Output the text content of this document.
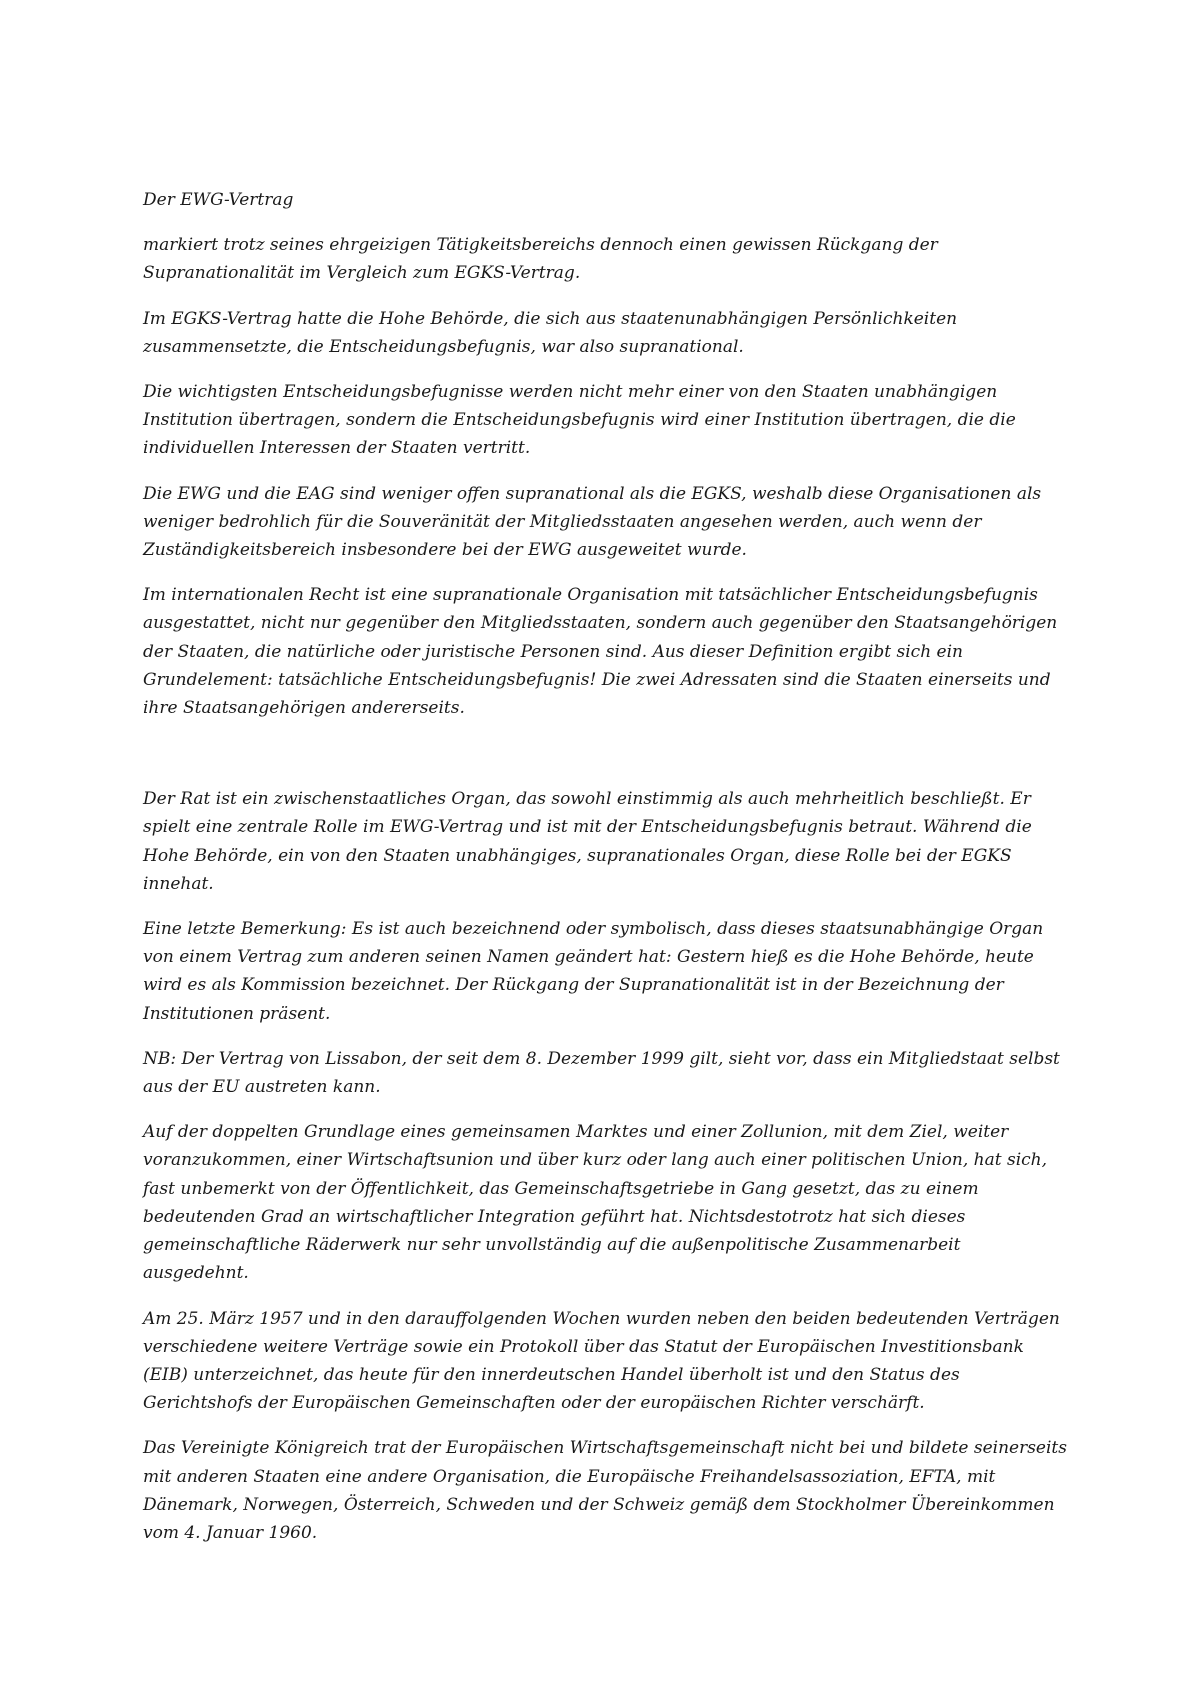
Der EWG-Vertrag

markiert trotz seines ehrgeizigen Tätigkeitsbereichs dennoch einen gewissen Rückgang der Supranationalität im Vergleich zum EGKS-Vertrag.

Im EGKS-Vertrag hatte die Hohe Behörde, die sich aus staatenunabhängigen Persönlichkeiten zusammensetzte, die Entscheidungsbefugnis, war also supranational.

Die wichtigsten Entscheidungsbefugnisse werden nicht mehr einer von den Staaten unabhängigen Institution übertragen, sondern die Entscheidungsbefugnis wird einer Institution übertragen, die die individuellen Interessen der Staaten vertritt.

Die EWG und die EAG sind weniger offen supranational als die EGKS, weshalb diese Organisationen als weniger bedrohlich für die Souveränität der Mitgliedsstaaten angesehen werden, auch wenn der Zuständigkeitsbereich insbesondere bei der EWG ausgeweitet wurde.

Im internationalen Recht ist eine supranationale Organisation mit tatsächlicher Entscheidungsbefugnis ausgestattet, nicht nur gegenüber den Mitgliedsstaaten, sondern auch gegenüber den Staatsangehörigen der Staaten, die natürliche oder juristische Personen sind. Aus dieser Definition ergibt sich ein Grundelement: tatsächliche Entscheidungsbefugnis! Die zwei Adressaten sind die Staaten einerseits und ihre Staatsangehörigen andererseits.

Der Rat ist ein zwischenstaatliches Organ, das sowohl einstimmig als auch mehrheitlich beschließt. Er spielt eine zentrale Rolle im EWG-Vertrag und ist mit der Entscheidungsbefugnis betraut. Während die Hohe Behörde, ein von den Staaten unabhängiges, supranationales Organ, diese Rolle bei der EGKS innehat.

Eine letzte Bemerkung: Es ist auch bezeichnend oder symbolisch, dass dieses staatsunabhängige Organ von einem Vertrag zum anderen seinen Namen geändert hat: Gestern hieß es die Hohe Behörde, heute wird es als Kommission bezeichnet. Der Rückgang der Supranationalität ist in der Bezeichnung der Institutionen präsent.

NB: Der Vertrag von Lissabon, der seit dem 8. Dezember 1999 gilt, sieht vor, dass ein Mitgliedstaat selbst aus der EU austreten kann.

Auf der doppelten Grundlage eines gemeinsamen Marktes und einer Zollunion, mit dem Ziel, weiter voranzukommen, einer Wirtschaftsunion und über kurz oder lang auch einer politischen Union, hat sich, fast unbemerkt von der Öffentlichkeit, das Gemeinschaftsgetriebe in Gang gesetzt, das zu einem bedeutenden Grad an wirtschaftlicher Integration geführt hat. Nichtsdestotrotz hat sich dieses gemeinschaftliche Räderwerk nur sehr unvollständig auf die außenpolitische Zusammenarbeit ausgedehnt.

Am 25. März 1957 und in den darauffolgenden Wochen wurden neben den beiden bedeutenden Verträgen verschiedene weitere Verträge sowie ein Protokoll über das Statut der Europäischen Investitionsbank (EIB) unterzeichnet, das heute für den innerdeutschen Handel überholt ist und den Status des Gerichtshofs der Europäischen Gemeinschaften oder der europäischen Richter verschärft.

Das Vereinigte Königreich trat der Europäischen Wirtschaftsgemeinschaft nicht bei und bildete seinerseits mit anderen Staaten eine andere Organisation, die Europäische Freihandelsassoziation, EFTA, mit Dänemark, Norwegen, Österreich, Schweden und der Schweiz gemäß dem Stockholmer Übereinkommen vom 4. Januar 1960.
